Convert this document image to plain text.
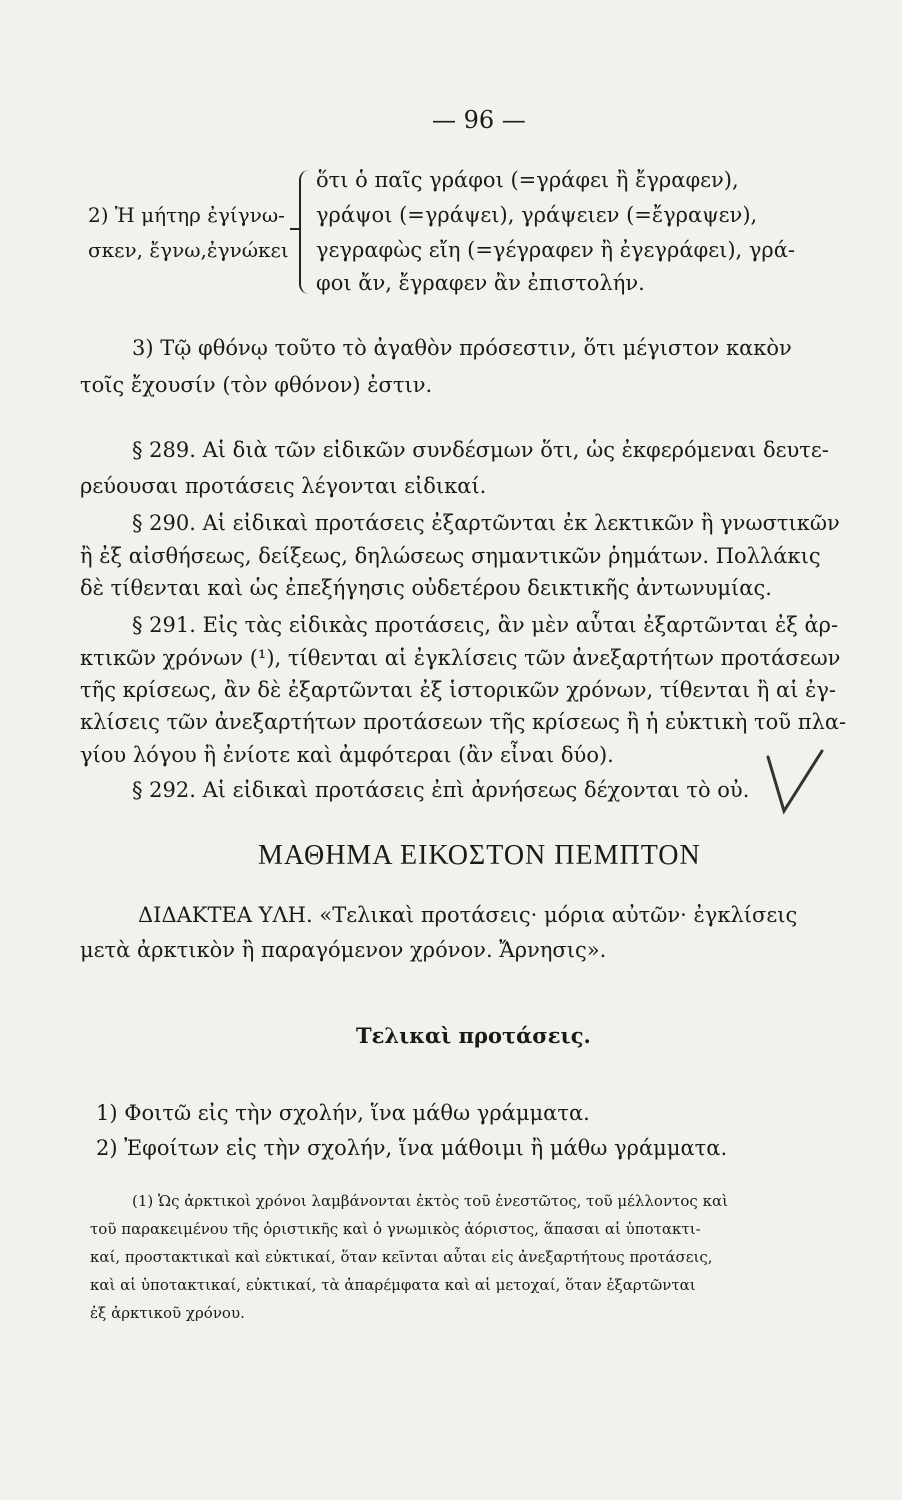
— 96 —
2) Ἡ μήτηρ ἐγίγνω-
σκεν, ἔγνω,ἐγνώκει
ὅτι ὁ παῖς γράφοι (=γράφει ἢ ἔγραφεν),
γράψοι (=γράψει), γράψειεν (=ἔγραψεν),
γεγραφὼς εἴη (=γέγραφεν ἢ ἐγεγράφει), γρά-
φοι ἄν, ἔγραφεν ἂν ἐπιστολήν.
3) Τῷ φθόνῳ τοῦτο τὸ ἀγαθὸν πρόσεστιν, ὅτι μέγιστον κακὸν
τοῖς ἔχουσίν (τὸν φθόνον) ἐστιν.
§ 289. Αἱ διὰ τῶν εἰδικῶν συνδέσμων ὅτι, ὡς ἐκφερόμεναι δευτε-
ρεύουσαι προτάσεις λέγονται εἰδικαί.
§ 290. Αἱ εἰδικαὶ προτάσεις ἐξαρτῶνται ἐκ λεκτικῶν ἢ γνωστικῶν
ἢ ἐξ αἰσθήσεως, δείξεως, δηλώσεως σημαντικῶν ῥημάτων. Πολλάκις
δὲ τίθενται καὶ ὡς ἐπεξήγησις οὐδετέρου δεικτικῆς ἀντωνυμίας.
§ 291. Εἰς τὰς εἰδικὰς προτάσεις, ἂν μὲν αὗται ἐξαρτῶνται ἐξ ἀρ-
κτικῶν χρόνων (¹), τίθενται αἱ ἐγκλίσεις τῶν ἀνεξαρτήτων προτάσεων
τῆς κρίσεως, ἂν δὲ ἐξαρτῶνται ἐξ ἱστορικῶν χρόνων, τίθενται ἢ αἱ ἐγ-
κλίσεις τῶν ἀνεξαρτήτων προτάσεων τῆς κρίσεως ἢ ἡ εὐκτικὴ τοῦ πλα-
γίου λόγου ἢ ἐνίοτε καὶ ἀμφότεραι (ἂν εἶναι δύο).
§ 292. Αἱ εἰδικαὶ προτάσεις ἐπὶ ἀρνήσεως δέχονται τὸ οὐ.
ΜΑΘΗΜΑ ΕΙΚΟΣΤΟΝ ΠΕΜΠΤΟΝ
ΔΙΔΑΚΤΕΑ ΥΛΗ. «Τελικαὶ προτάσεις· μόρια αὐτῶν· ἐγκλίσεις
μετὰ ἀρκτικὸν ἢ παραγόμενον χρόνον. Ἄρνησις».
Τελικαὶ προτάσεις.
1) Φοιτῶ εἰς τὴν σχολήν, ἵνα μάθω γράμματα.
2) Ἐφοίτων εἰς τὴν σχολήν, ἵνα μάθοιμι ἢ μάθω γράμματα.
(1) Ὡς ἀρκτικοὶ χρόνοι λαμβάνονται ἐκτὸς τοῦ ἐνεστῶτος, τοῦ μέλλοντος καὶ
τοῦ παρακειμένου τῆς ὁριστικῆς καὶ ὁ γνωμικὸς ἀόριστος, ἅπασαι αἱ ὑποτακτι-
καί, προστακτικαὶ καὶ εὐκτικαί, ὅταν κεῖνται αὗται εἰς ἀνεξαρτήτους προτάσεις,
καὶ αἱ ὑποτακτικαί, εὐκτικαί, τὰ ἀπαρέμφατα καὶ αἱ μετοχαί, ὅταν ἐξαρτῶνται
ἐξ ἀρκτικοῦ χρόνου.
